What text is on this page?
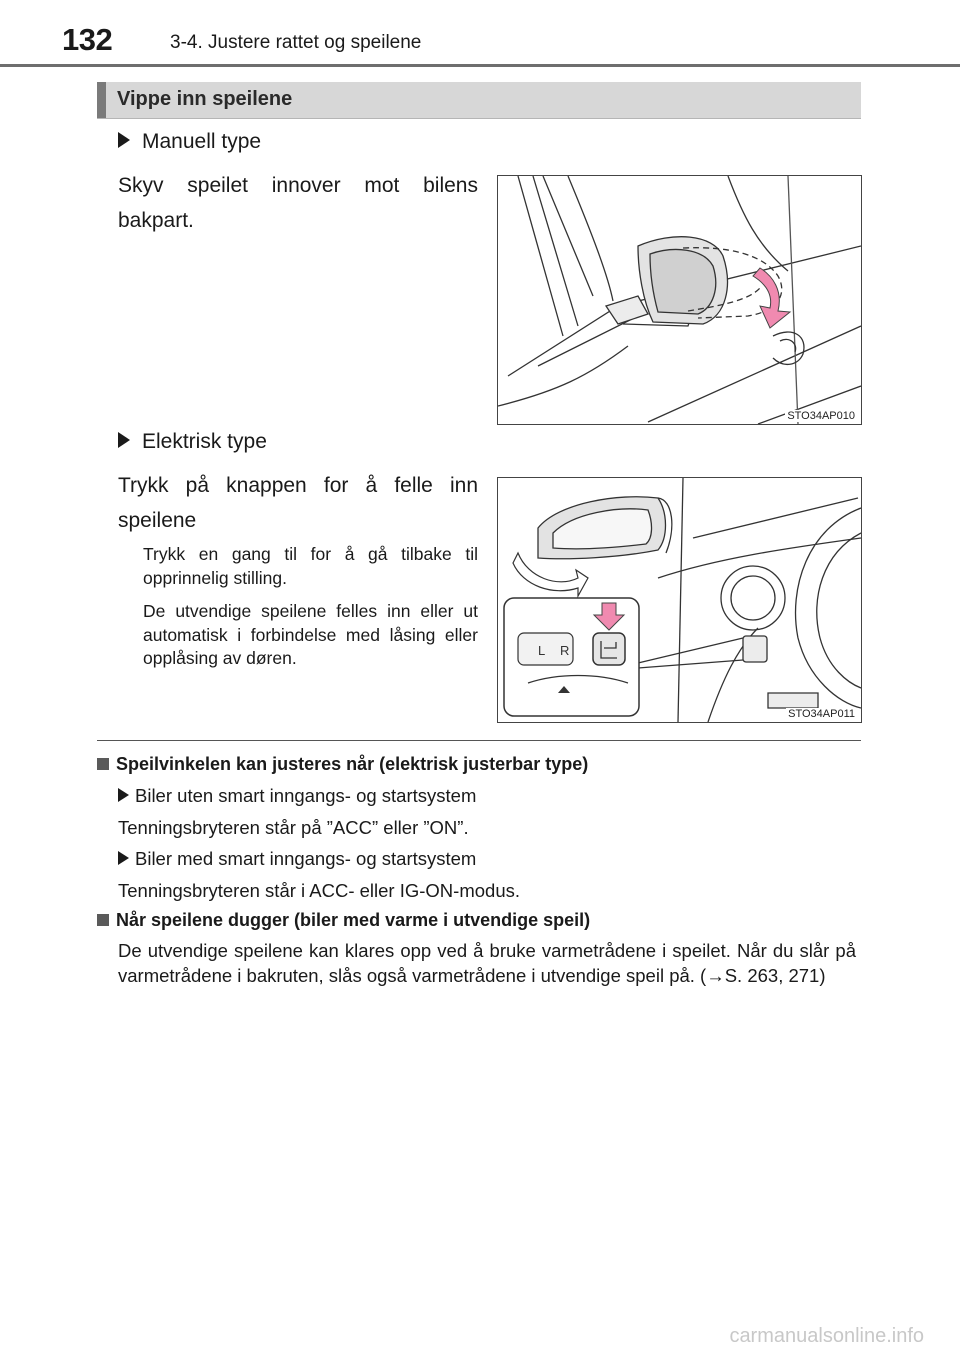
132	3-4. Justere rattet og speilene
Vippe inn speilene
Manuell type
Skyv speilet innover mot bilens bakpart.
STO34AP010
Elektrisk type
Trykk på knappen for å felle inn speilene
Trykk en gang til for å gå tilbake til opprinnelig stilling.
De utvendige speilene felles inn eller ut automatisk i forbindelse med låsing eller opplåsing av døren.	L R
STO34AP011
Speilvinkelen kan justeres når (elektrisk justerbar type)
Biler uten smart inngangs- og startsystem
Tenningsbryteren står på ”ACC” eller ”ON”.
Biler med smart inngangs- og startsystem
Tenningsbryteren står i ACC- eller IG-ON-modus.
Når speilene dugger (biler med varme i utvendige speil)
De utvendige speilene kan klares opp ved å bruke varmetrådene i speilet. Når du slår på varmetrådene i bakruten, slås også varmetrådene i utvendige speil på. (→S. 263, 271)
carmanualsonline.info
